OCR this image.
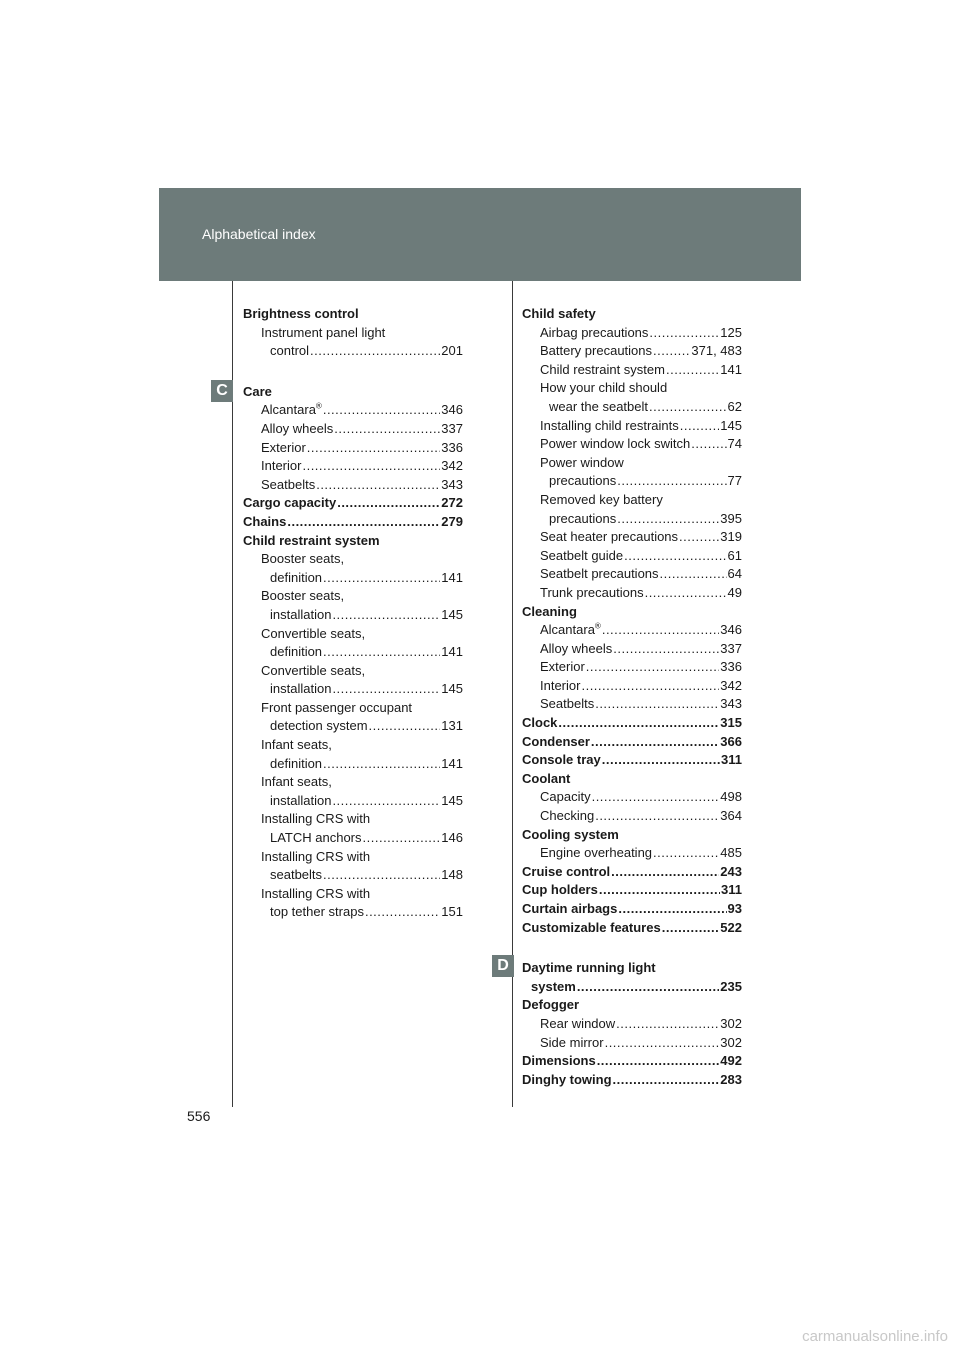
Alphabetical index
C
D
Brightness control
Instrument panel light
control .....	201
Care
Alcantara® .....	346
Alloy wheels .....	337
Exterior .....	336
Interior .....	342
Seatbelts .....	343
Cargo capacity .....	272
Chains .....	279
Child restraint system
Booster seats,
definition .....	141
Booster seats,
installation .....	145
Convertible seats,
definition .....	141
Convertible seats,
installation .....	145
Front passenger occupant
detection system .....	131
Infant seats,
definition .....	141
Infant seats,
installation .....	145
Installing CRS with
LATCH anchors .....	146
Installing CRS with
seatbelts .....	148
Installing CRS with
top tether straps .....	151
Child safety
Airbag precautions .....	125
Battery precautions .....	371, 483
Child restraint system .....	141
How your child should
wear the seatbelt .....	62
Installing child restraints .....	145
Power window lock switch .....	74
Power window
precautions .....	77
Removed key battery
precautions .....	395
Seat heater precautions .....	319
Seatbelt guide .....	61
Seatbelt precautions .....	64
Trunk precautions .....	49
Cleaning
Alcantara® .....	346
Alloy wheels .....	337
Exterior .....	336
Interior .....	342
Seatbelts .....	343
Clock .....	315
Condenser .....	366
Console tray .....	311
Coolant
Capacity .....	498
Checking .....	364
Cooling system
Engine overheating .....	485
Cruise control .....	243
Cup holders .....	311
Curtain airbags .....	93
Customizable features .....	522
Daytime running light
system .....	235
Defogger
Rear window .....	302
Side mirror .....	302
Dimensions .....	492
Dinghy towing .....	283
556
carmanualsonline.info
